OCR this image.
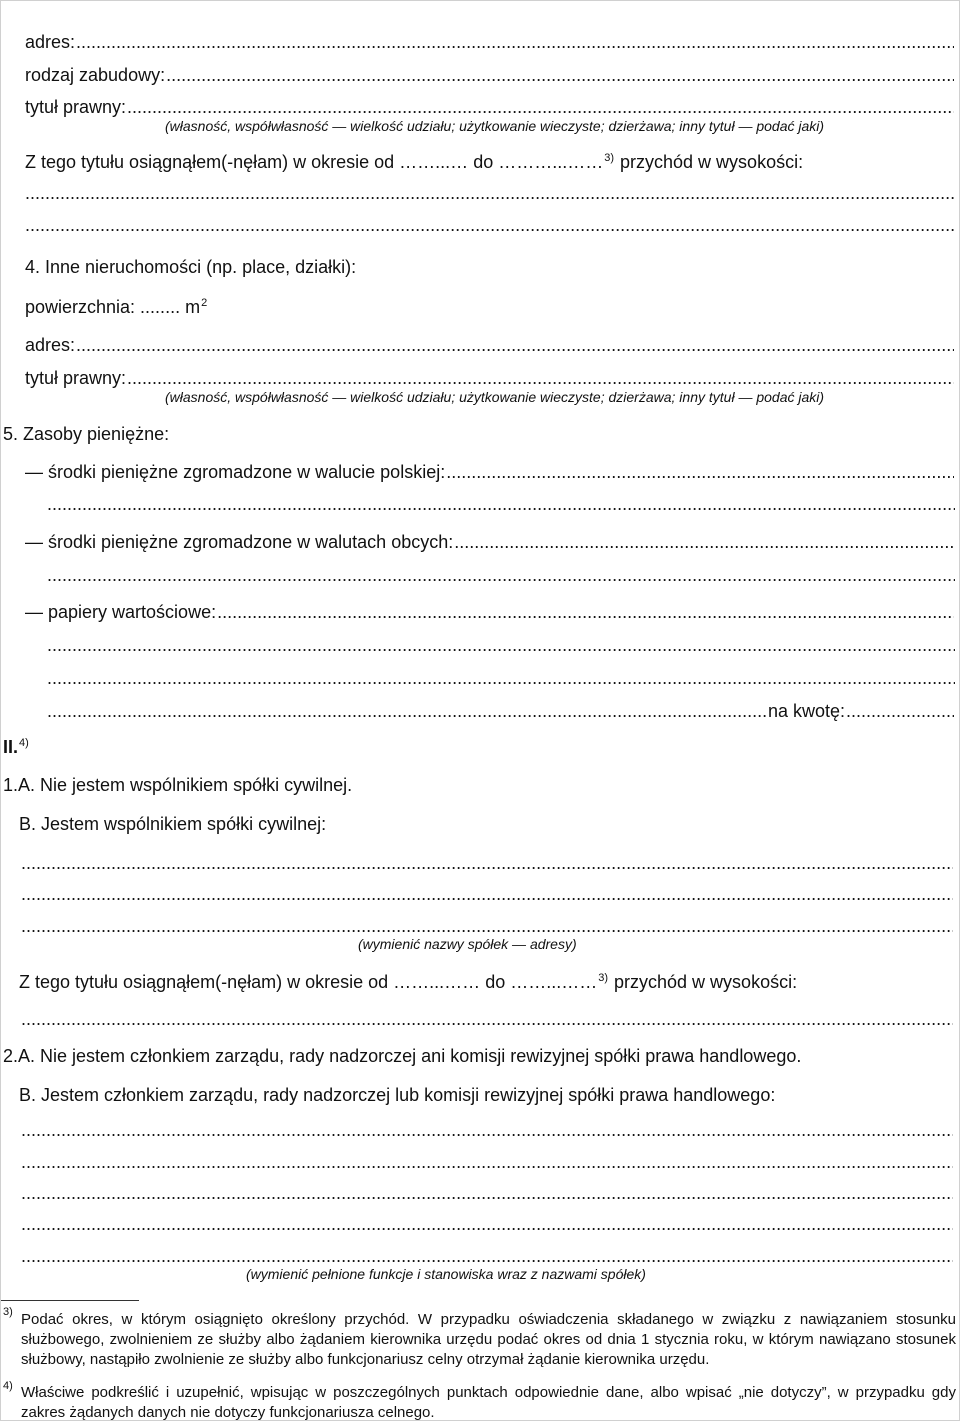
adres:
.....
rodzaj zabudowy:
.....
tytuł prawny:
.....
(własność, współwłasność — wielkość udziału; użytkowanie wieczyste; dzierżawa; inny tytuł — podać jaki)
Z tego tytułu osiągnąłem(-nęłam) w okresie od ……...… do ………...……$^{3)}$ przychód w wysokości:
.....
.....
4. Inne nieruchomości (np. place, działki):
powierzchnia: ........ $m^2$
adres:
.....
tytuł prawny:
.....
(własność, współwłasność — wielkość udziału; użytkowanie wieczyste; dzierżawa; inny tytuł — podać jaki)
5. Zasoby pieniężne:
— środki pieniężne zgromadzone w walucie polskiej:
.....
.....
— środki pieniężne zgromadzone w walutach obcych:
.....
.....
— papiery wartościowe:
.....
.....
.....
.....
na kwotę:
.....
II.$^{4)}$
1.A. Nie jestem wspólnikiem spółki cywilnej.
B. Jestem wspólnikiem spółki cywilnej:
.....
.....
.....
(wymienić nazwy spółek — adresy)
Z tego tytułu osiągnąłem(-nęłam) w okresie od ……...…… do ……...……$^{3)}$ przychód w wysokości:
.....
2.A. Nie jestem członkiem zarządu, rady nadzorczej ani komisji rewizyjnej spółki prawa handlowego.
B. Jestem członkiem zarządu, rady nadzorczej lub komisji rewizyjnej spółki prawa handlowego:
.....
.....
.....
.....
.....
(wymienić pełnione funkcje i stanowiska wraz z nazwami spółek)
3) Podać okres, w którym osiągnięto określony przychód. W przypadku oświadczenia składanego w związku z nawiązaniem stosunku służbowego, zwolnieniem ze służby albo żądaniem kierownika urzędu podać okres od dnia 1 stycznia roku, w którym nawiązano stosunek służbowy, nastąpiło zwolnienie ze służby albo funkcjonariusz celny otrzymał żądanie kierownika urzędu.
4) Właściwe podkreślić i uzupełnić, wpisując w poszczególnych punktach odpowiednie dane, albo wpisać „nie dotyczy”, w przypadku gdy zakres żądanych danych nie dotyczy funkcjonariusza celnego.
